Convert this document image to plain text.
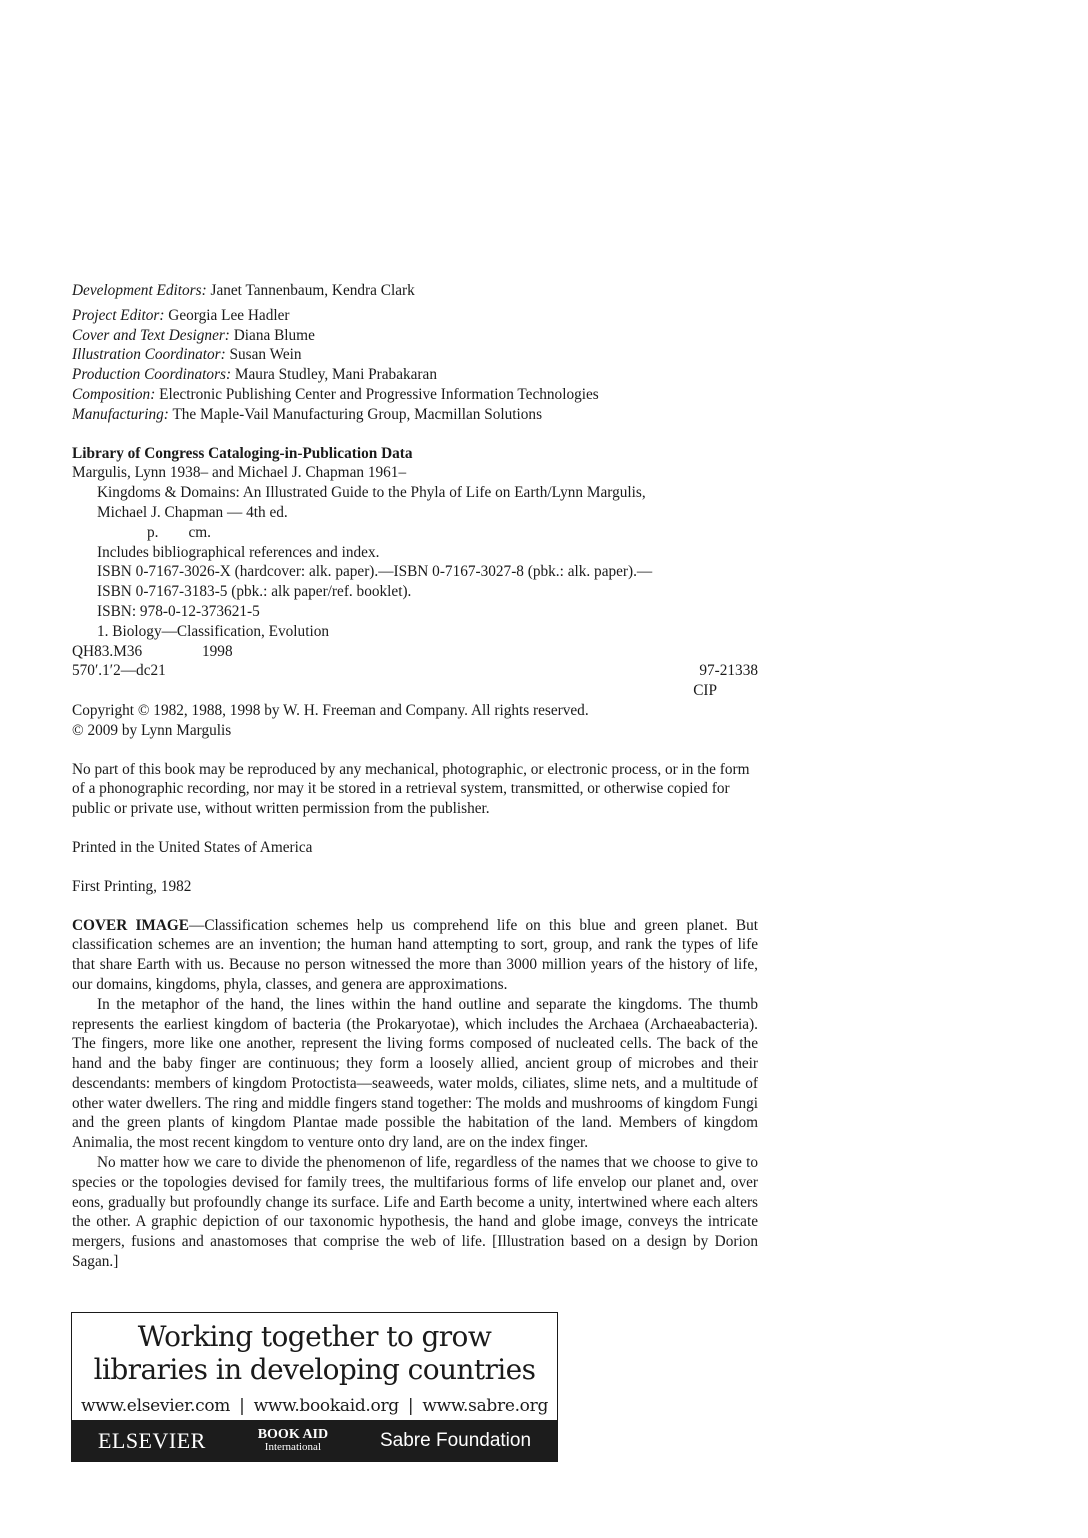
Development Editors: Janet Tannenbaum, Kendra Clark

Project Editor: Georgia Lee Hadler

Cover and Text Designer: Diana Blume

Illustration Coordinator: Susan Wein

Production Coordinators: Maura Studley, Mani Prabakaran

Composition: Electronic Publishing Center and Progressive Information Technologies

Manufacturing: The Maple-Vail Manufacturing Group, Macmillan Solutions

Library of Congress Cataloging-in-Publication Data

Margulis, Lynn 1938– and Michael J. Chapman 1961–

Kingdoms & Domains: An Illustrated Guide to the Phyla of Life on Earth/Lynn Margulis,

Michael J. Chapman — 4th ed.

p. cm.

Includes bibliographical references and index.

ISBN 0-7167-3026-X (hardcover: alk. paper).—ISBN 0-7167-3027-8 (pbk.: alk. paper).—

ISBN 0-7167-3183-5 (pbk.: alk paper/ref. booklet).

ISBN: 978-0-12-373621-5

1. Biology—Classification, Evolution

QH83.M36	1998

570′.1′2—dc21	97-21338

CIP

Copyright © 1982, 1988, 1998 by W. H. Freeman and Company. All rights reserved.

© 2009 by Lynn Margulis

No part of this book may be reproduced by any mechanical, photographic, or electronic process, or in the form of a phonographic recording, nor may it be stored in a retrieval system, transmitted, or otherwise copied for public or private use, without written permission from the publisher.

Printed in the United States of America

First Printing, 1982

COVER IMAGE—Classification schemes help us comprehend life on this blue and green planet. But classification schemes are an invention; the human hand attempting to sort, group, and rank the types of life that share Earth with us. Because no person witnessed the more than 3000 million years of the history of life, our domains, kingdoms, phyla, classes, and genera are approximations.

In the metaphor of the hand, the lines within the hand outline and separate the kingdoms. The thumb represents the earliest kingdom of bacteria (the Prokaryotae), which includes the Archaea (Archaeabacteria). The fingers, more like one another, represent the living forms composed of nucleated cells. The back of the hand and the baby finger are continuous; they form a loosely allied, ancient group of microbes and their descendants: members of kingdom Protoctista—seaweeds, water molds, ciliates, slime nets, and a multitude of other water dwellers. The ring and middle fingers stand together: The molds and mushrooms of kingdom Fungi and the green plants of kingdom Plantae made possible the habitation of the land. Members of kingdom Animalia, the most recent kingdom to venture onto dry land, are on the index finger.

No matter how we care to divide the phenomenon of life, regardless of the names that we choose to give to species or the topologies devised for family trees, the multifarious forms of life envelop our planet and, over eons, gradually but profoundly change its surface. Life and Earth become a unity, intertwined where each alters the other. A graphic depiction of our taxonomic hypothesis, the hand and globe image, conveys the intricate mergers, fusions and anastomoses that comprise the web of life. [Illustration based on a design by Dorion Sagan.]

Working together to grow
libraries in developing countries
www.elsevier.com | www.bookaid.org | www.sabre.org
ELSEVIER	BOOK AID
International	Sabre Foundation
